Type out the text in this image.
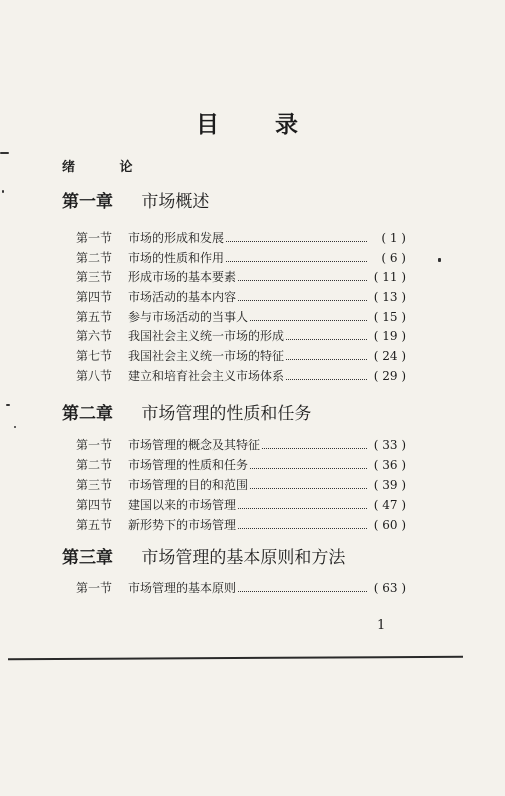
目 录
绪 论
第一章 市场概述
第一节	市场的形成和发展	( 1 )
第二节	市场的性质和作用	( 6 )
第三节	形成市场的基本要素	( 11 )
第四节	市场活动的基本内容	( 13 )
第五节	参与市场活动的当事人	( 15 )
第六节	我国社会主义统一市场的形成	( 19 )
第七节	我国社会主义统一市场的特征	( 24 )
第八节	建立和培育社会主义市场体系	( 29 )
第二章 市场管理的性质和任务
第一节	市场管理的概念及其特征	( 33 )
第二节	市场管理的性质和任务	( 36 )
第三节	市场管理的目的和范围	( 39 )
第四节	建国以来的市场管理	( 47 )
第五节	新形势下的市场管理	( 60 )
第三章 市场管理的基本原则和方法
第一节	市场管理的基本原则	( 63 )
1
